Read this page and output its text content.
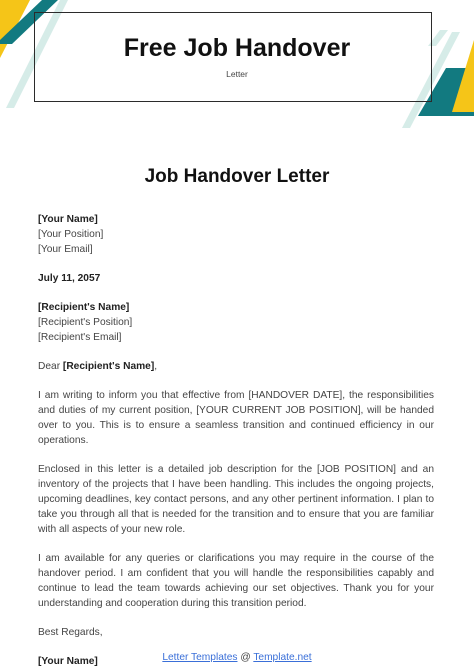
Free Job Handover
Letter
Job Handover Letter
[Your Name]
[Your Position]
[Your Email]
July 11, 2057
[Recipient's Name]
[Recipient's Position]
[Recipient's Email]
Dear [Recipient's Name],

I am writing to inform you that effective from [HANDOVER DATE], the responsibilities and duties of my current position, [YOUR CURRENT JOB POSITION], will be handed over to you. This is to ensure a seamless transition and continued efficiency in our operations.

Enclosed in this letter is a detailed job description for the [JOB POSITION] and an inventory of the projects that I have been handling. This includes the ongoing projects, upcoming deadlines, key contact persons, and any other pertinent information. I plan to take you through all that is needed for the transition and to ensure that you are familiar with all aspects of your new role.

I am available for any queries or clarifications you may require in the course of the handover period. I am confident that you will handle the responsibilities capably and continue to lead the team towards achieving our set objectives. Thank you for your understanding and cooperation during this transition period.

Best Regards,
[Your Name]	Letter Templates @ Template.net
